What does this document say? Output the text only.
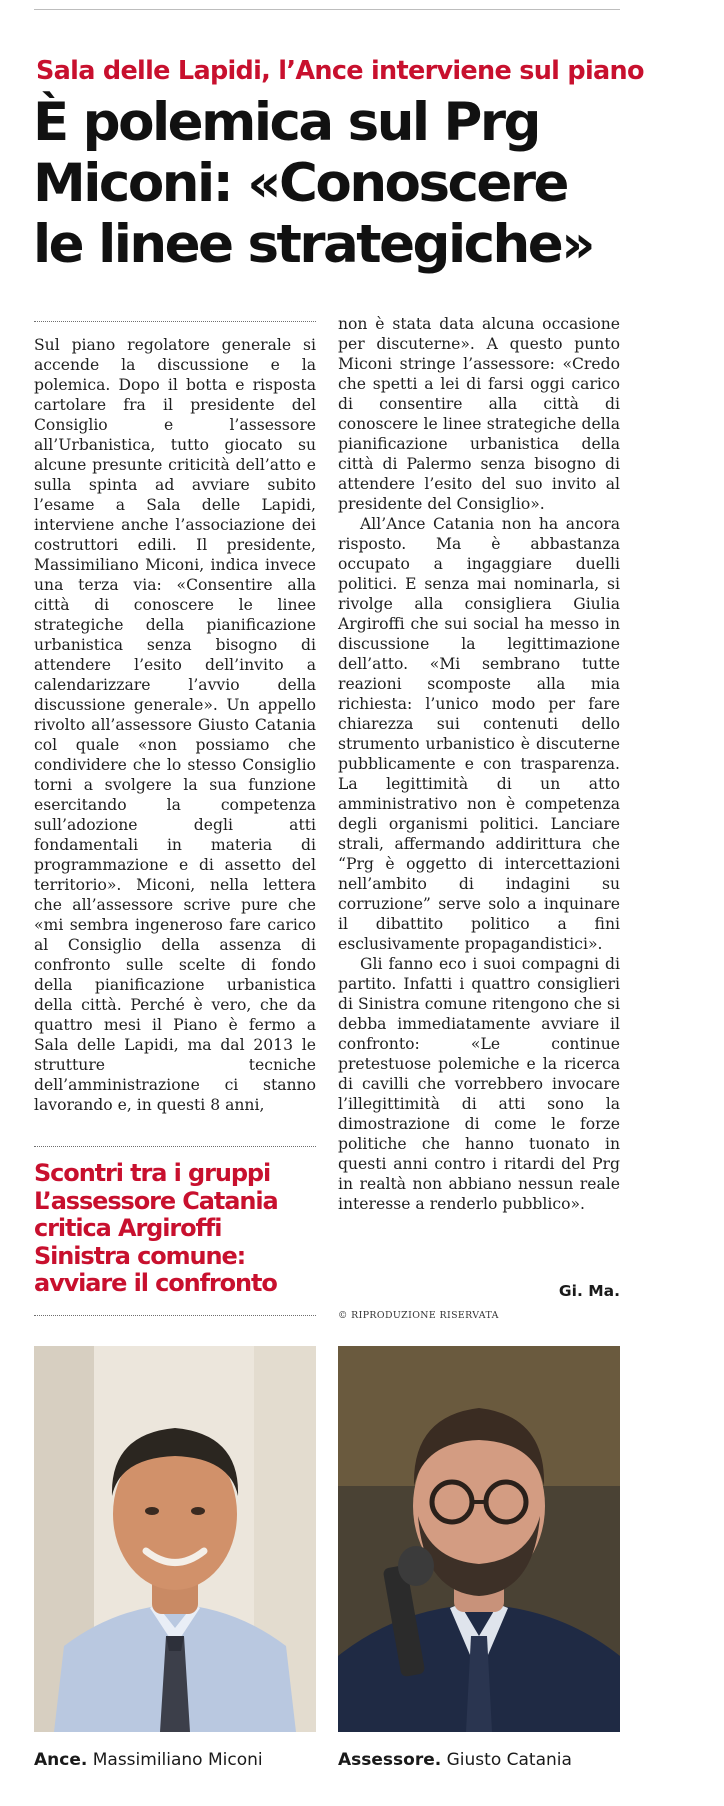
Sala delle Lapidi, l’Ance interviene sul piano
È polemica sul Prg
Miconi: «Conoscere
le linee strategiche»

Sul piano regolatore generale si accende la discussione e la polemica. Dopo il botta e risposta cartolare fra il presidente del Consiglio e l’assessore all’Urbanistica, tutto giocato su alcune presunte criticità dell’atto e sulla spinta ad avviare subito l’esame a Sala delle Lapidi, interviene anche l’associazione dei costruttori edili. Il presidente, Massimiliano Miconi, indica invece una terza via: «Consentire alla città di conoscere le linee strategiche della pianificazione urbanistica senza bisogno di attendere l’esito dell’invito a calendarizzare l’avvio della discussione generale». Un appello rivolto all’assessore Giusto Catania col quale «non possiamo che condividere che lo stesso Consiglio torni a svolgere la sua funzione esercitando la competenza sull’adozione degli atti fondamentali in materia di programmazione e di assetto del territorio». Miconi, nella lettera che all’assessore scrive pure che «mi sembra ingeneroso fare carico al Consiglio della assenza di confronto sulle scelte di fondo della pianificazione urbanistica della città. Perché è vero, che da quattro mesi il Piano è fermo a Sala delle Lapidi, ma dal 2013 le strutture tecniche dell’amministrazione ci stanno lavorando e, in questi 8 anni,

non è stata data alcuna occasione per discuterne». A questo punto Miconi stringe l’assessore: «Credo che spetti a lei di farsi oggi carico di consentire alla città di conoscere le linee strategiche della pianificazione urbanistica della città di Palermo senza bisogno di attendere l’esito del suo invito al presidente del Consiglio».

All’Ance Catania non ha ancora risposto. Ma è abbastanza occupato a ingaggiare duelli politici. E senza mai nominarla, si rivolge alla consigliera Giulia Argiroffi che sui social ha messo in discussione la legittimazione dell’atto. «Mi sembrano tutte reazioni scomposte alla mia richiesta: l’unico modo per fare chiarezza sui contenuti dello strumento urbanistico è discuterne pubblicamente e con trasparenza. La legittimità di un atto amministrativo non è competenza degli organismi politici. Lanciare strali, affermando addirittura che “Prg è oggetto di intercettazioni nell’ambito di indagini su corruzione” serve solo a inquinare il dibattito politico a fini esclusivamente propagandistici».

Gli fanno eco i suoi compagni di partito. Infatti i quattro consiglieri di Sinistra comune ritengono che si debba immediatamente avviare il confronto: «Le continue pretestuose polemiche e la ricerca di cavilli che vorrebbero invocare l’illegittimità di atti sono la dimostrazione di come le forze politiche che hanno tuonato in questi anni contro i ritardi del Prg in realtà non abbiano nessun reale interesse a renderlo pubblico».

Scontri tra i gruppi
L’assessore Catania
critica Argiroffi
Sinistra comune:
avviare il confronto	Gi. Ma.
© RIPRODUZIONE RISERVATA
Ance. Massimiliano Miconi	Assessore. Giusto Catania
